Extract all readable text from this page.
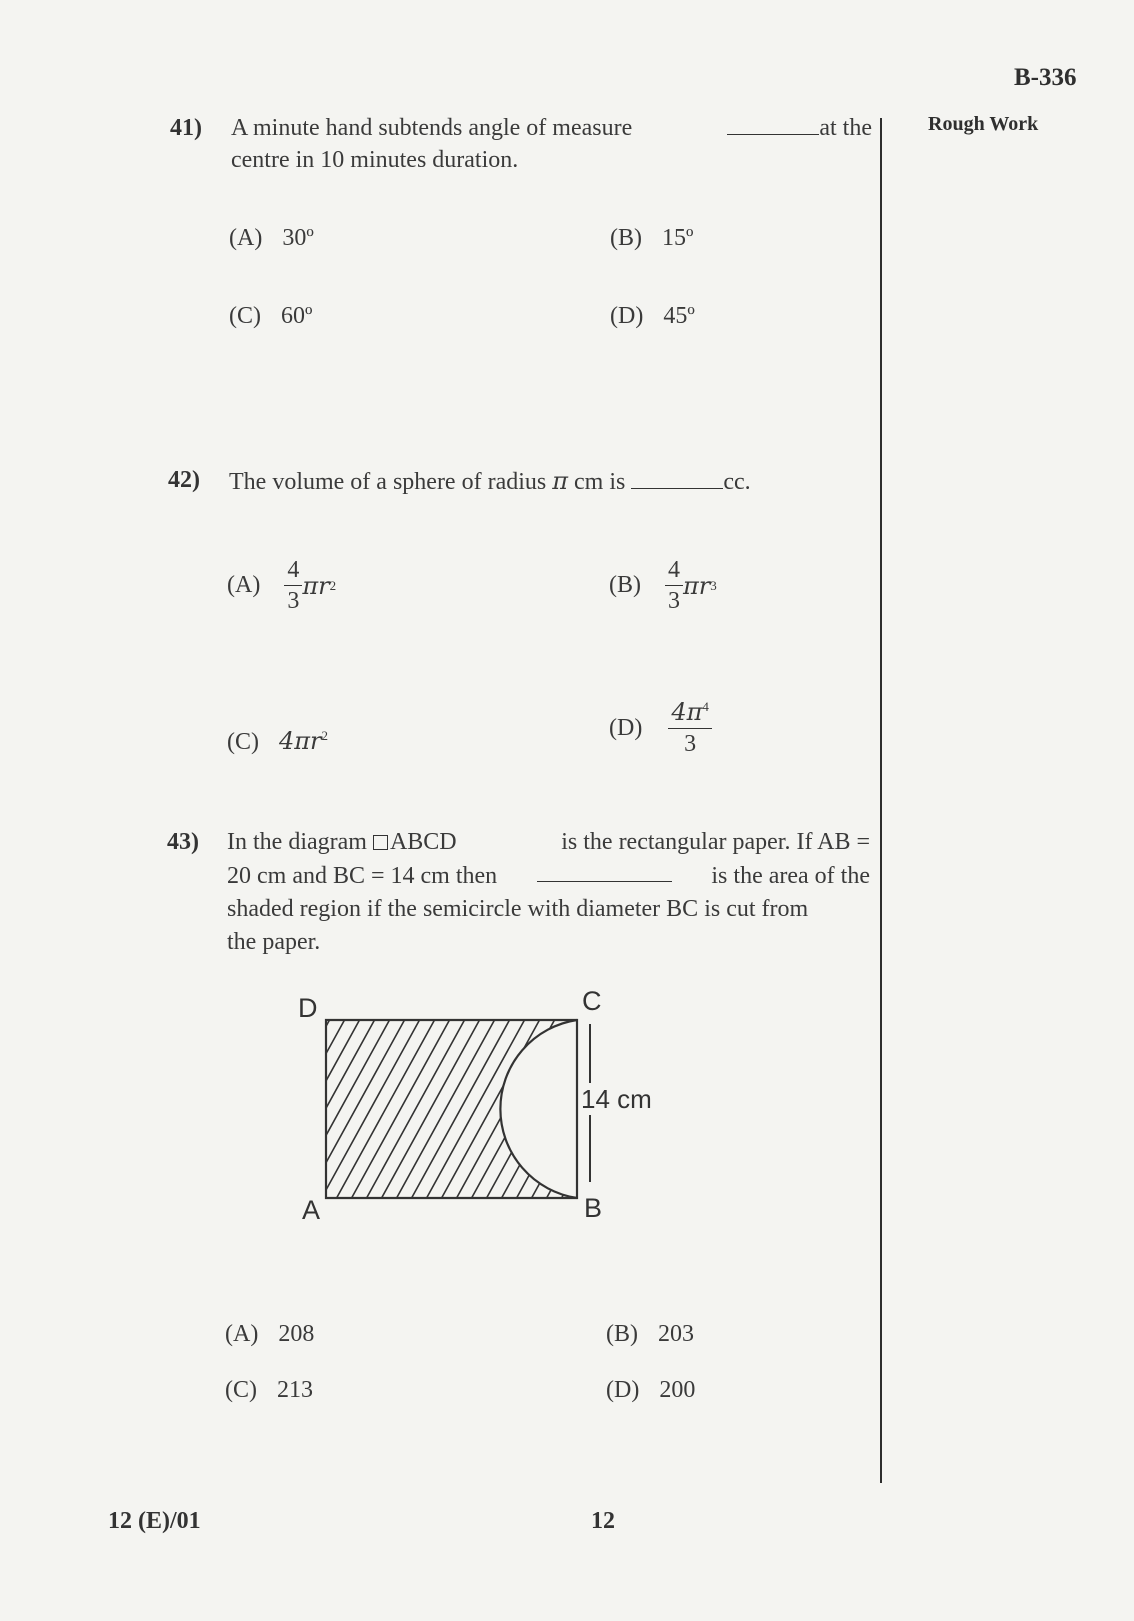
B-336
Rough Work
41) A minute hand subtends angle of measure	at the
centre in 10 minutes duration.
(A) 30º	(B) 15º
(C) 60º	(D) 45º
42) The volume of a sphere of radius π cm is	cc.
$(A) \frac{4}{3}$ πr 2	$(B) \frac{4}{3}$ πr 3
(C) $4\pi r^2$	$(D) \frac{4\pi^4}{3}$
43) In the diagram ABCD	is the rectangular paper. If AB =
20 cm and BC = 14 cm then	is the area of the
shaded region if the semicircle with diameter BC is cut from
the paper.
14 cm
D	C
A	B
(A) 208	(B) 203
(C) 213	(D) 200
12 (E)/01	12
